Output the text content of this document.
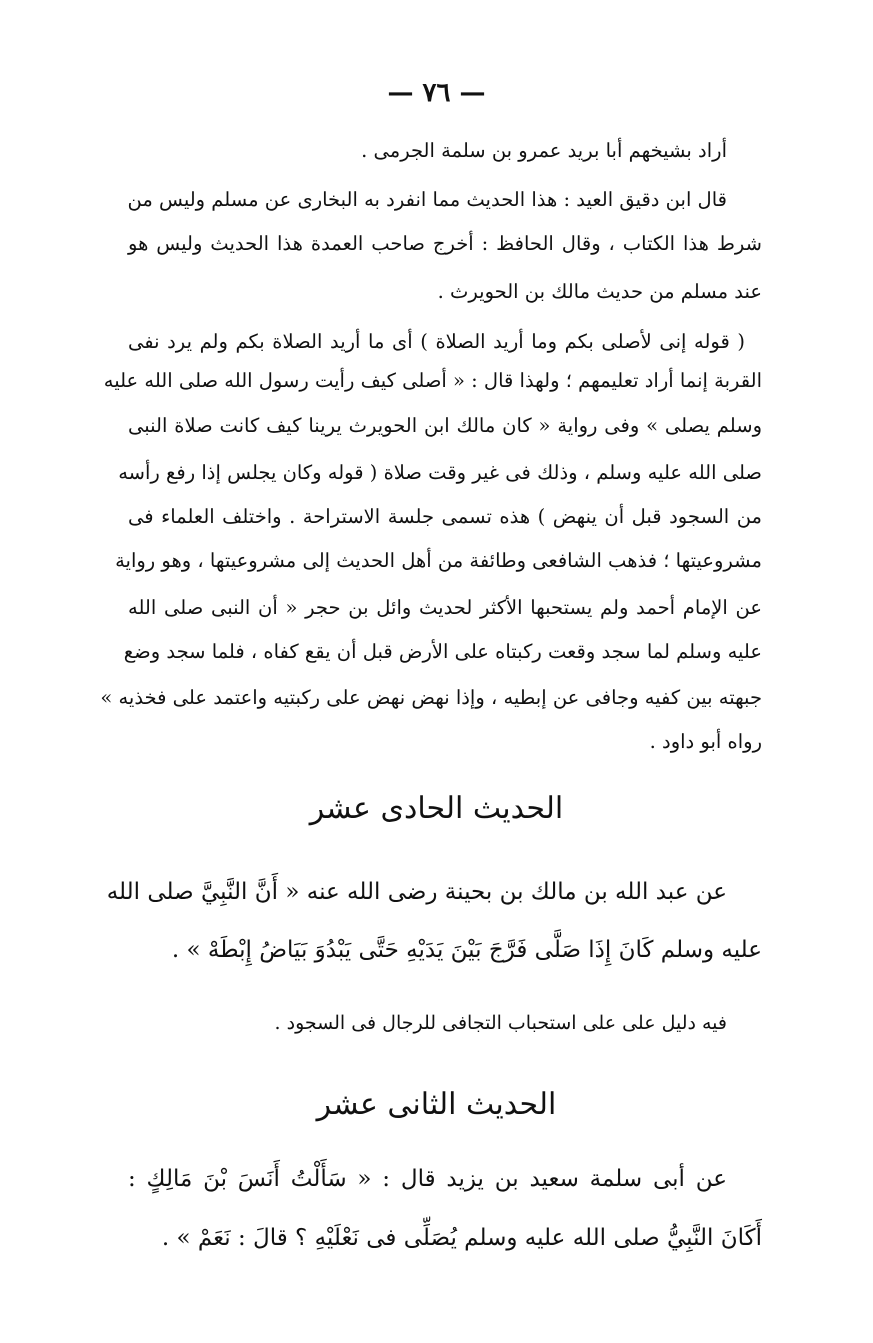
— ٧٦ —
أراد بشيخهم أبا بريد عمرو بن سلمة الجرمى .
قال ابن دقيق العيد : هذا الحديث مما انفرد به البخارى عن مسلم وليس من
شرط هذا الكتاب ، وقال الحافظ : أخرج صاحب العمدة هذا الحديث وليس هو
عند مسلم من حديث مالك بن الحويرث .
( قوله إنى لأصلى بكم وما أريد الصلاة ) أى ما أريد الصلاة بكم ولم يرد نفى
القربة إنما أراد تعليمهم ؛ ولهذا قال : « أصلى كيف رأيت رسول الله صلى الله عليه
وسلم يصلى » وفى رواية « كان مالك ابن الحويرث يرينا كيف كانت صلاة النبى
صلى الله عليه وسلم ، وذلك فى غير وقت صلاة ( قوله وكان يجلس إذا رفع رأسه
من السجود قبل أن ينهض ) هذه تسمى جلسة الاستراحة . واختلف العلماء فى
مشروعيتها ؛ فذهب الشافعى وطائفة من أهل الحديث إلى مشروعيتها ، وهو رواية
عن الإمام أحمد ولم يستحبها الأكثر لحديث وائل بن حجر « أن النبى صلى الله
عليه وسلم لما سجد وقعت ركبتاه على الأرض قبل أن يقع كفاه ، فلما سجد وضع
جبهته بين كفيه وجافى عن إبطيه ، وإذا نهض نهض على ركبتيه واعتمد على فخذيه »
رواه أبو داود .
الحديث الحادى عشر
عن عبد الله بن مالك بن بحينة رضى الله عنه « أَنَّ النَّبِيَّ صلى الله
عليه وسلم كَانَ إِذَا صَلَّى فَرَّجَ بَيْنَ يَدَيْهِ حَتَّى يَبْدُوَ بَيَاضُ إِبْطَهْ » .
فيه دليل على على استحباب التجافى للرجال فى السجود .
الحديث الثانى عشر
عن أبى سلمة سعيد بن يزيد قال : « سَأَلْتُ أَنَسَ بْنَ مَالِكٍ :
أَكَانَ النَّبِيُّ صلى الله عليه وسلم يُصَلِّى فى نَعْلَيْهِ ؟ قالَ : نَعَمْ » .
